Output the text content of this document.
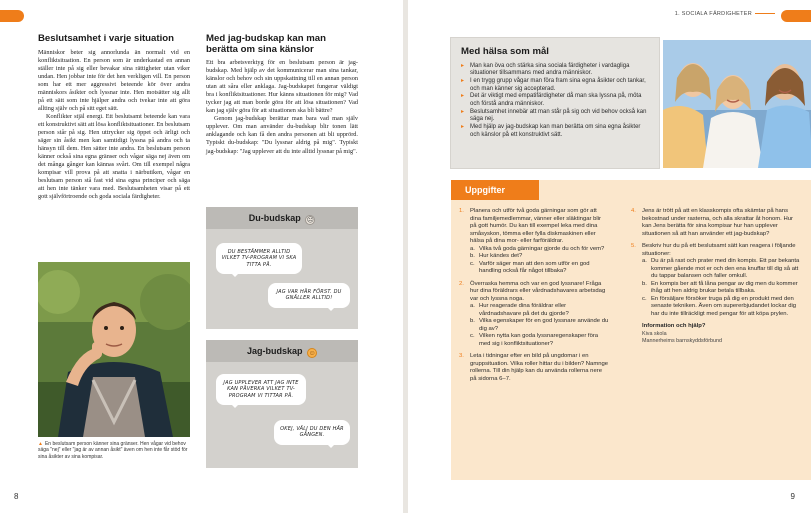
Beslutsamhet i varje situation

Människor beter sig annorlunda än normalt vid en konfliktsituation. En person som är underkastad en annan ställer inte på sig eller bevakar sina rättigheter utan viker undan. Hen jobbar inte för det hen verkligen vill. En person som har ett mer aggressivt beteende kör över andra människors åsikter och lyssnar inte. Hen motsätter sig allt på ett sätt som inte hjälper andra och tvekar inte att göra allting själv och på sitt eget sätt.

Konflikter stjäl energi. Ett beslutsamt beteende kan vara ett konstruktivt sätt att lösa konfliktsituationer. En beslutsam person står på sig. Hen uttrycker sig öppet och ärligt och säger sin åsikt men kan samtidigt lyssna på andra och ta hänsyn till dem. Hen sätter inte andra. En beslutsam person känner också sina egna gränser och vågar säga nej även om det många gånger kan kännas svårt. Om till exempel några kompisar vill prova på att snatta i närbutiken, vågar en beslutsam person stå fast vid sina egna principer och säga att hen inte tänker vara med. Beslutsamheten visar på ett gott självförtroende och goda sociala färdigheter.

▲ En beslutsam person känner sina gränser. Hen vågar vid behov säga "nej" eller "jag är av annan åsikt" även om hen inte får stöd för sina åsikter av sina kompisar.
Med jag-budskap kan man berätta om sina känslor

Ett bra arbetsverktyg för en beslutsam person är jag-budskap. Med hjälp av det kommunicerar man sina tankar, känslor och behov och sin uppskattning till en annan person utan att såra eller anklaga. Jag-budskapet fungerar väldigt bra i konfliktsituationer. Hur känns situationen för mig? Vad tycker jag att man borde göra för att lösa situationen? Vad kan jag själv göra för att situationen ska bli bättre?

Genom jag-budskap berättar man bara vad man själv upplever. Om man använder du-budskap blir tonen lätt anklagande och kan få den andra personen att bli upprörd. Typiskt du-budskap: "Du lyssnar aldrig på mig". Typiskt jag-budskap: "Jag upplever att du inte alltid lyssnar på mig".

Du-budskap ☹
DU BESTÄMMER ALLTID VILKET TV-PROGRAM VI SKA TITTA PÅ.
JAG VAR HÄR FÖRST. DU GNÄLLER ALLTID!
Jag-budskap ☺
JAG UPPLEVER ATT JAG INTE KAN PÅVERKA VILKET TV-PROGRAM VI TITTAR PÅ.
OKEJ, VÄLJ DU DEN HÄR GÅNGEN.
8
1. SOCIALA FÄRDIGHETER
Med hälsa som mål
▸ Man kan öva och stärka sina sociala färdigheter i vardagliga situationer tillsammans med andra människor.
▸ I en trygg grupp vågar man föra fram sina egna åsikter och tankar, och man känner sig accepterad.
▸ Det är viktigt med empatifärdigheter då man ska lyssna på, möta och förstå andra människor.
▸ Beslutsamhet innebär att man står på sig och vid behov också kan säga nej.
▸ Med hjälp av jag-budskap kan man berätta om sina egna åsikter och känslor på ett konstruktivt sätt.
Uppgifter
1. Planera och utför två goda gärningar som gör att dina familjemedlemmar, vänner eller släktingar blir på gott humör. Du kan till exempel leka med dina småsyskon, tömma eller fylla diskmaskinen eller hälsa på dina mor- eller farföräldrar.
a. Vilka två goda gärningar gjorde du och för vem?
b. Hur kändes det?
c. Varför säger man att den som utför en god handling också får något tillbaka?
2. Överraska hemma och var en god lyssnare! Fråga hur dina föräldrars eller vårdnadshavares arbetsdag var och lyssna noga.
a. Hur reagerade dina föräldrar eller vårdnadshavare på det du gjorde?
b. Vilka egenskaper för en god lyssnare använde du dig av?
c. Vilken nytta kan goda lyssnaregenskaper föra med sig i konfliktsituationer?
3. Leta i tidningar efter en bild på ungdomar i en gruppsituation. Vilka roller hittar du i bilden? Namnge rollerna. Till din hjälp kan du använda rollerna nere på sidorna 6–7.
4. Jens är trött på att en klasskompis ofta skämtar på hans bekostnad under rasterna, och alla skrattar åt honom. Hur kan Jens berätta för sina kompisar hur han upplever situationen så att han använder ett jag-budskap?
5. Beskriv hur du på ett beslutsamt sätt kan reagera i följande situationer:
a. Du är på rast och prater med din kompis. Ett par bekanta kommer gående mot er och den ena knuffar till dig så att du tappar balansen och faller omkull.
b. En kompis ber att få låna pengar av dig men du kommer ihåg att hen aldrig brukar betala tillbaka.
c. En försäljare försöker truga på dig en produkt med den senaste tekniken. Även om supererbjudandet lockar dig har du inte tillräckligt med pengar för att köpa prylen.
Information och hjälp?
Kiva skola
Mannerheims barnskyddsförbund
9
